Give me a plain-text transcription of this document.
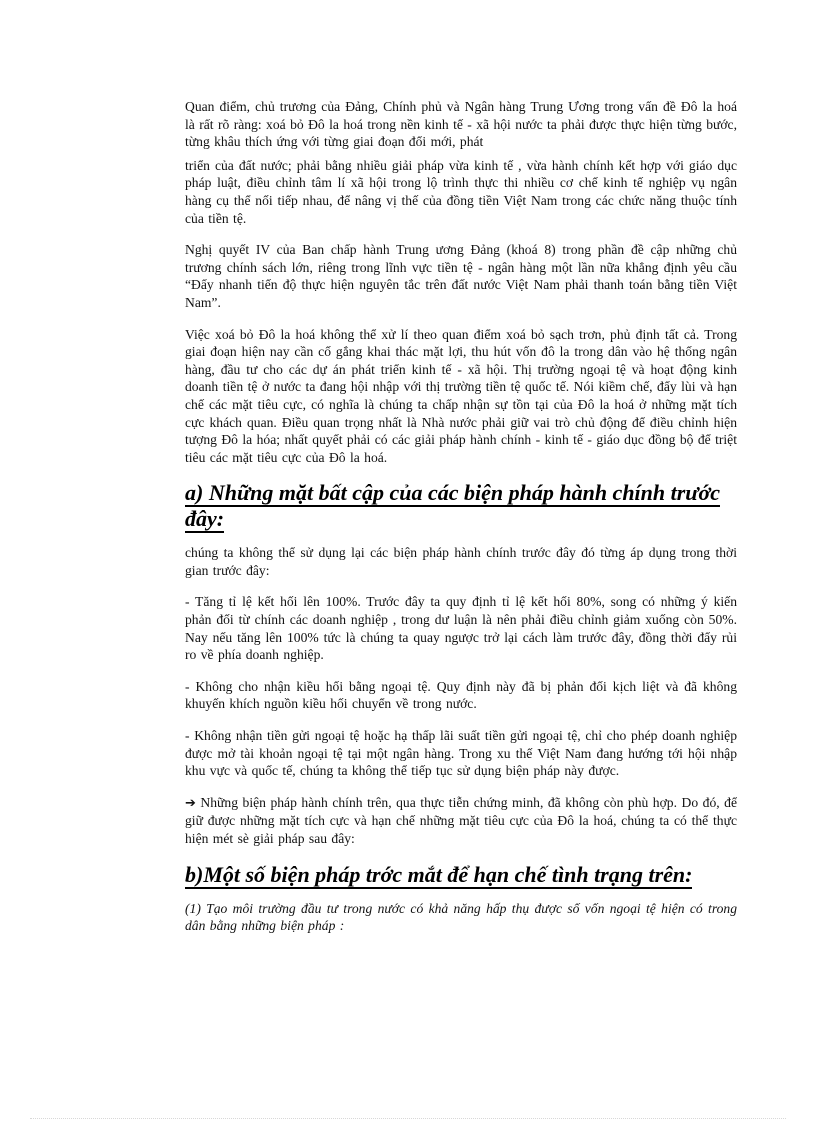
Quan điểm, chủ trương của Đảng, Chính phủ và Ngân hàng Trung Ương trong vấn đề Đô la hoá là rất rõ ràng: xoá bỏ Đô la hoá trong nền kinh tế - xã hội nước ta phải được thực hiện từng bước, từng khâu thích ứng với từng giai đoạn đổi mới, phát

triển của đất nước; phải bằng nhiều giải pháp vừa kinh tế , vừa hành chính kết hợp với giáo dục pháp luật, điều chỉnh tâm lí xã hội trong lộ trình thực thi nhiều cơ chế kinh tế nghiệp vụ ngân hàng cụ thể nối tiếp nhau, để nâng vị thế của đồng tiền Việt Nam trong các chức năng thuộc tính của tiền tệ.

Nghị quyết IV của Ban chấp hành Trung ương Đảng (khoá 8) trong phần đề cập những chủ trương chính sách lớn, riêng trong lĩnh vực tiền tệ - ngân hàng một lần nữa khẳng định yêu cầu “Đẩy nhanh tiến độ thực hiện nguyên tắc trên đất nước Việt Nam phải thanh toán bằng tiền Việt Nam”.

Việc xoá bỏ Đô la hoá không thể xử lí theo quan điểm xoá bỏ sạch trơn, phủ định tất cả. Trong giai đoạn hiện nay cần cố gắng khai thác mặt lợi, thu hút vốn đô la trong dân vào hệ thống ngân hàng, đầu tư cho các dự án phát triển kinh tế - xã hội. Thị trường ngoại tệ và hoạt động kinh doanh tiền tệ ở nước ta đang hội nhập với thị trường tiền tệ quốc tế. Nói kiềm chế, đẩy lùi và hạn chế các mặt tiêu cực, có nghĩa là chúng ta chấp nhận sự tồn tại của Đô la hoá ở những mặt tích cực khách quan. Điều quan trọng nhất là Nhà nước phải giữ vai trò chủ động để điều chỉnh hiện tượng Đô la hóa; nhất quyết phải có các giải pháp hành chính - kinh tế - giáo dục đồng bộ để triệt tiêu các mặt tiêu cực của Đô la hoá.

a) Những mặt bất cập của các biện pháp hành chính trước đây:

chúng ta không thể sử dụng lại các biện pháp hành chính trước đây đó từng áp dụng trong thời gian trước đây:

- Tăng tỉ lệ kết hối lên 100%. Trước đây ta quy định tỉ lệ kết hối 80%, song có những ý kiến phản đối từ chính các doanh nghiệp , trong dư luận là nên phải điều chỉnh giảm xuống còn 50%. Nay nếu tăng lên 100% tức là chúng ta quay ngược trở lại cách làm trước đây, đồng thời đẩy rủi ro về phía doanh nghiệp.

- Không cho nhận kiều hối bằng ngoại tệ. Quy định này đã bị phản đối kịch liệt và đã không khuyến khích nguồn kiều hối chuyển về trong nước.

- Không nhận tiền gửi ngoại tệ hoặc hạ thấp lãi suất tiền gửi ngoại tệ, chỉ cho phép doanh nghiệp được mở tài khoản ngoại tệ tại một ngân hàng. Trong xu thế Việt Nam đang hướng tới hội nhập khu vực và quốc tế, chúng ta không thể tiếp tục sử dụng biện pháp này được.

➔ Những biện pháp hành chính trên, qua thực tiễn chứng minh, đã không còn phù hợp. Do đó, để giữ được những mặt tích cực và hạn chế những mặt tiêu cực của Đô la hoá, chúng ta có thể thực hiện mét sè giải pháp sau đây:

b)Một số biện pháp trớc mắt để hạn chế tình trạng trên:

(1) Tạo môi trường đầu tư trong nước có khả năng hấp thụ được số vốn ngoại tệ hiện có trong dân bằng những biện pháp :
